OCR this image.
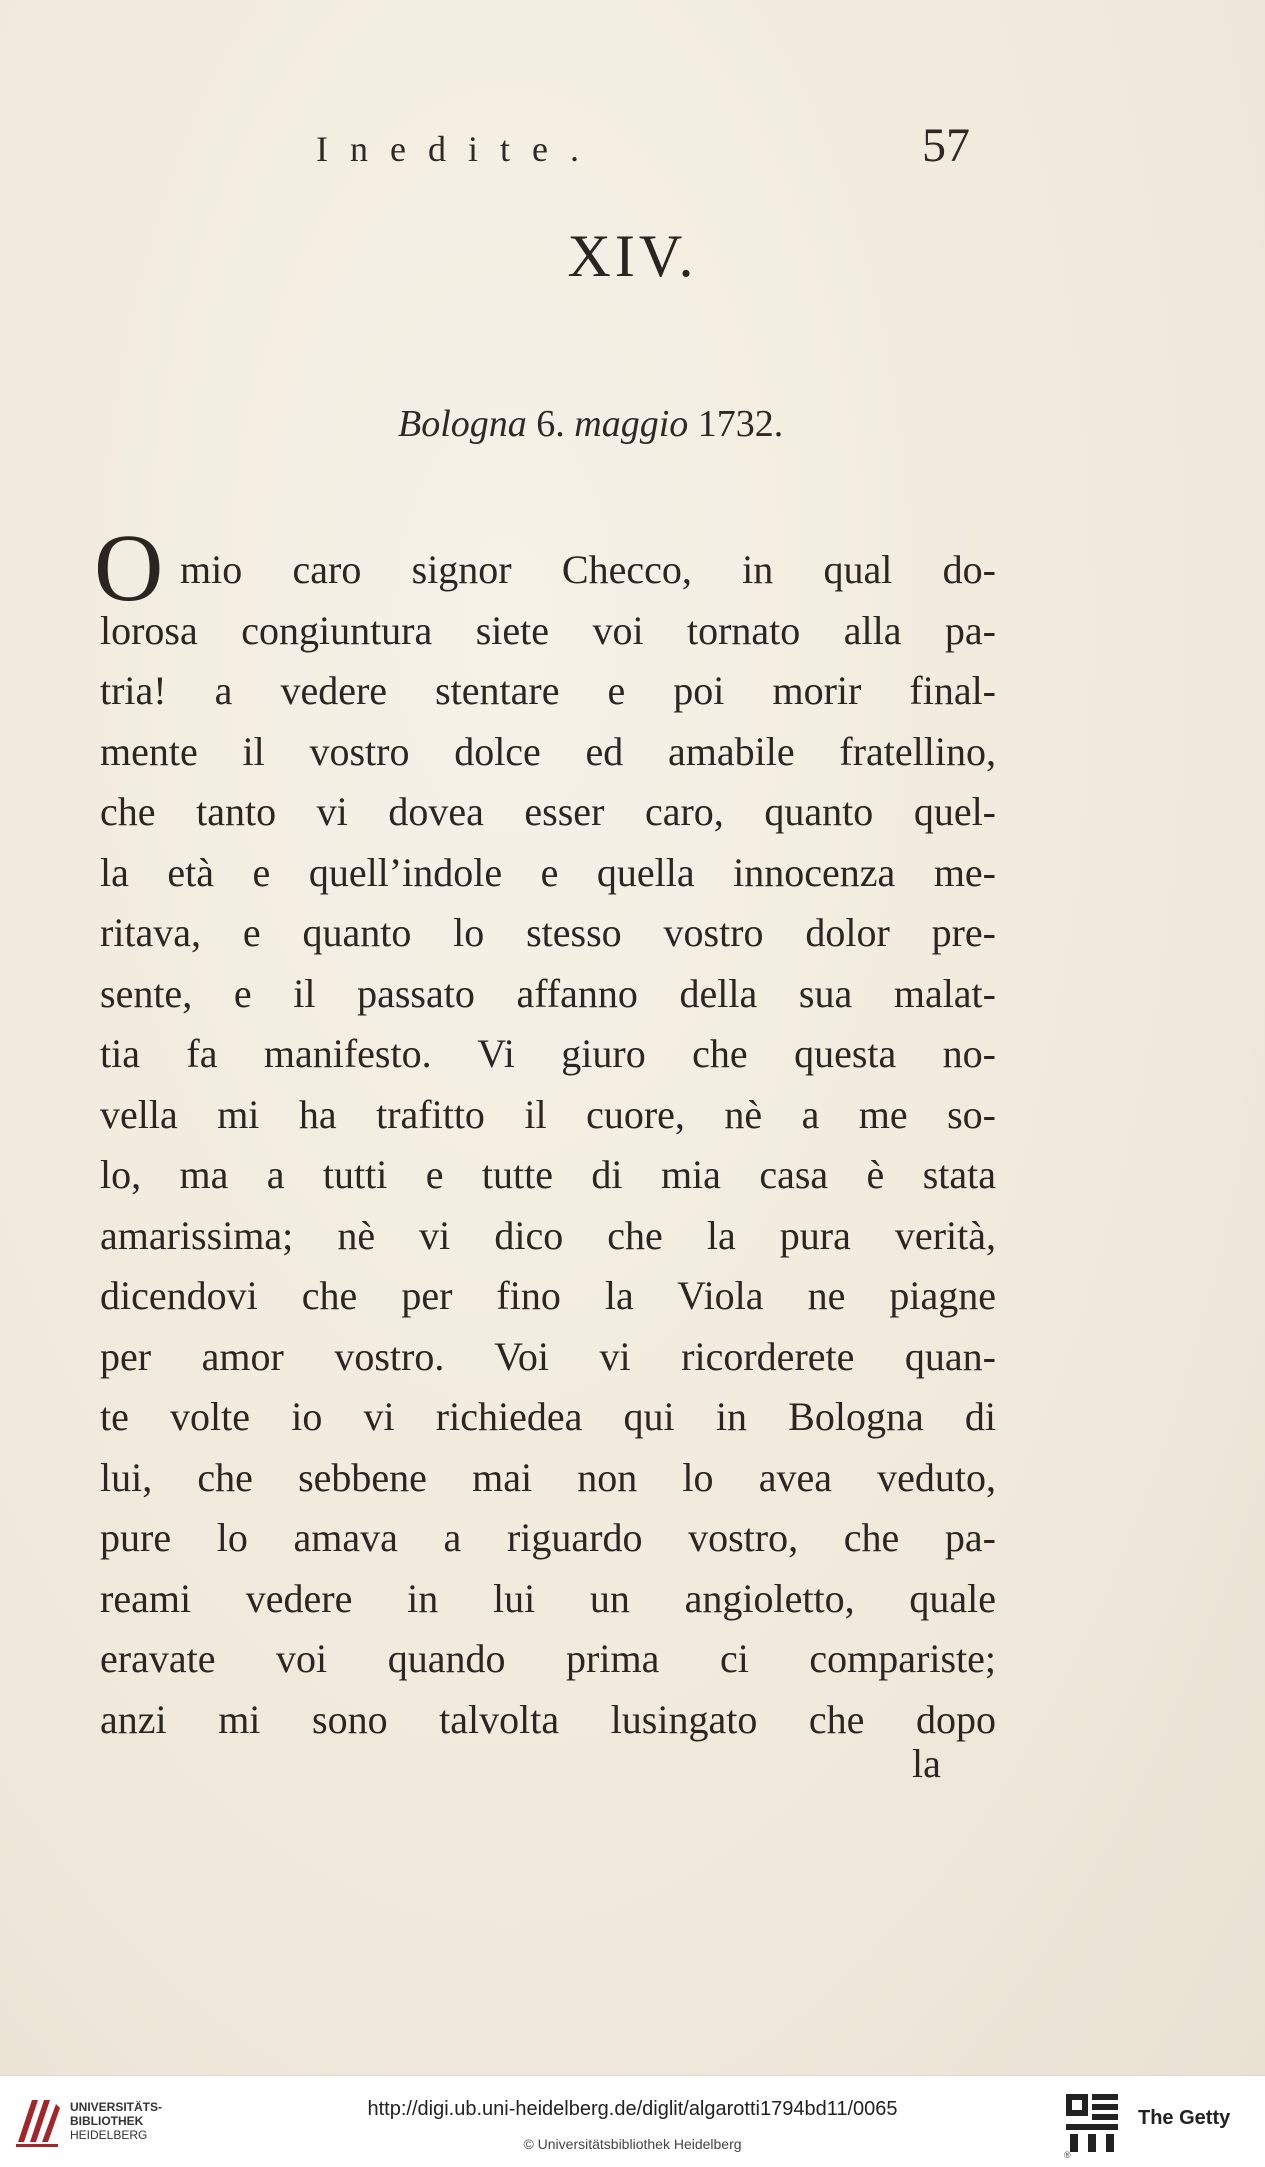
Inedite.	57
XIV.
Bologna 6. maggio 1732.
O mio caro signor Checco, in qual do-
lorosa congiuntura siete voi tornato alla pa-
tria! a vedere stentare e poi morir final-
mente il vostro dolce ed amabile fratellino,
che tanto vi dovea esser caro, quanto quel-
la età e quell’indole e quella innocenza me-
ritava, e quanto lo stesso vostro dolor pre-
sente, e il passato affanno della sua malat-
tia fa manifesto. Vi giuro che questa no-
vella mi ha trafitto il cuore, nè a me so-
lo, ma a tutti e tutte di mia casa è stata
amarissima; nè vi dico che la pura verità,
dicendovi che per fino la Viola ne piagne
per amor vostro. Voi vi ricorderete quan-
te volte io vi richiedea qui in Bologna di
lui, che sebbene mai non lo avea veduto,
pure lo amava a riguardo vostro, che pa-
reami vedere in lui un angioletto, quale
eravate voi quando prima ci compariste;
anzi mi sono talvolta lusingato che dopo
la
UNIVERSITÄTS-
BIBLIOTHEK
HEIDELBERG
http://digi.ub.uni-heidelberg.de/diglit/algarotti1794bd11/0065
© Universitätsbibliothek Heidelberg
®
The Getty
